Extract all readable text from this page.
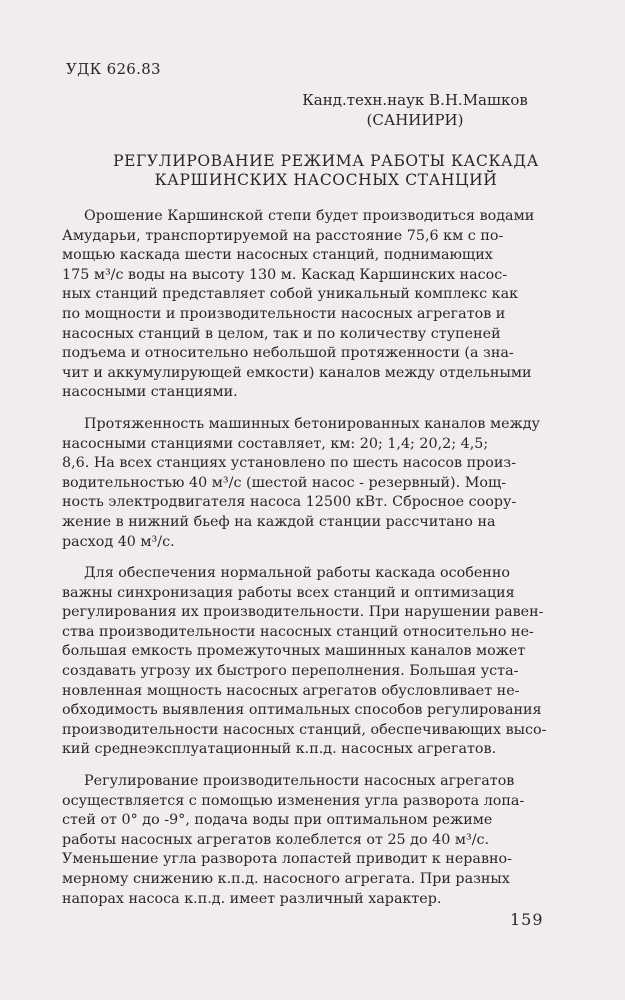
УДК 626.83
Канд.техн.наук В.Н.Машков
(САНИИРИ)
РЕГУЛИРОВАНИЕ РЕЖИМА РАБОТЫ КАСКАДА
КАРШИНСКИХ НАСОСНЫХ СТАНЦИЙ

Орошение Каршинской степи будет производиться водами
Амударьи, транспортируемой на расстояние 75,6 км с по-
мощью каскада шести насосных станций, поднимающих
175 м³/с воды на высоту 130 м. Каскад Каршинских насос-
ных станций представляет собой уникальный комплекс как
по мощности и производительности насосных агрегатов и
насосных станций в целом, так и по количеству ступеней
подъема и относительно небольшой протяженности (а зна-
чит и аккумулирующей емкости) каналов между отдельными
насосными станциями.

Протяженность машинных бетонированных каналов между
насосными станциями составляет, км: 20; 1,4; 20,2; 4,5;
8,6. На всех станциях установлено по шесть насосов произ-
водительностью 40 м³/с (шестой насос - резервный). Мощ-
ность электродвигателя насоса 12500 кВт. Сбросное соору-
жение в нижний бьеф на каждой станции рассчитано на
расход 40 м³/с.

Для обеспечения нормальной работы каскада особенно
важны синхронизация работы всех станций и оптимизация
регулирования их производительности. При нарушении равен-
ства производительности насосных станций относительно не-
большая емкость промежуточных машинных каналов может
создавать угрозу их быстрого переполнения. Большая уста-
новленная мощность насосных агрегатов обусловливает не-
обходимость выявления оптимальных способов регулирования
производительности насосных станций, обеспечивающих высо-
кий среднеэксплуатационный к.п.д. насосных агрегатов.

Регулирование производительности насосных агрегатов
осуществляется с помощью изменения угла разворота лопа-
стей от 0° до -9°, подача воды при оптимальном режиме
работы насосных агрегатов колеблется от 25 до 40 м³/с.
Уменьшение угла разворота лопастей приводит к неравно-
мерному снижению к.п.д. насосного агрегата. При разных
напорах насоса к.п.д. имеет различный характер.

159
